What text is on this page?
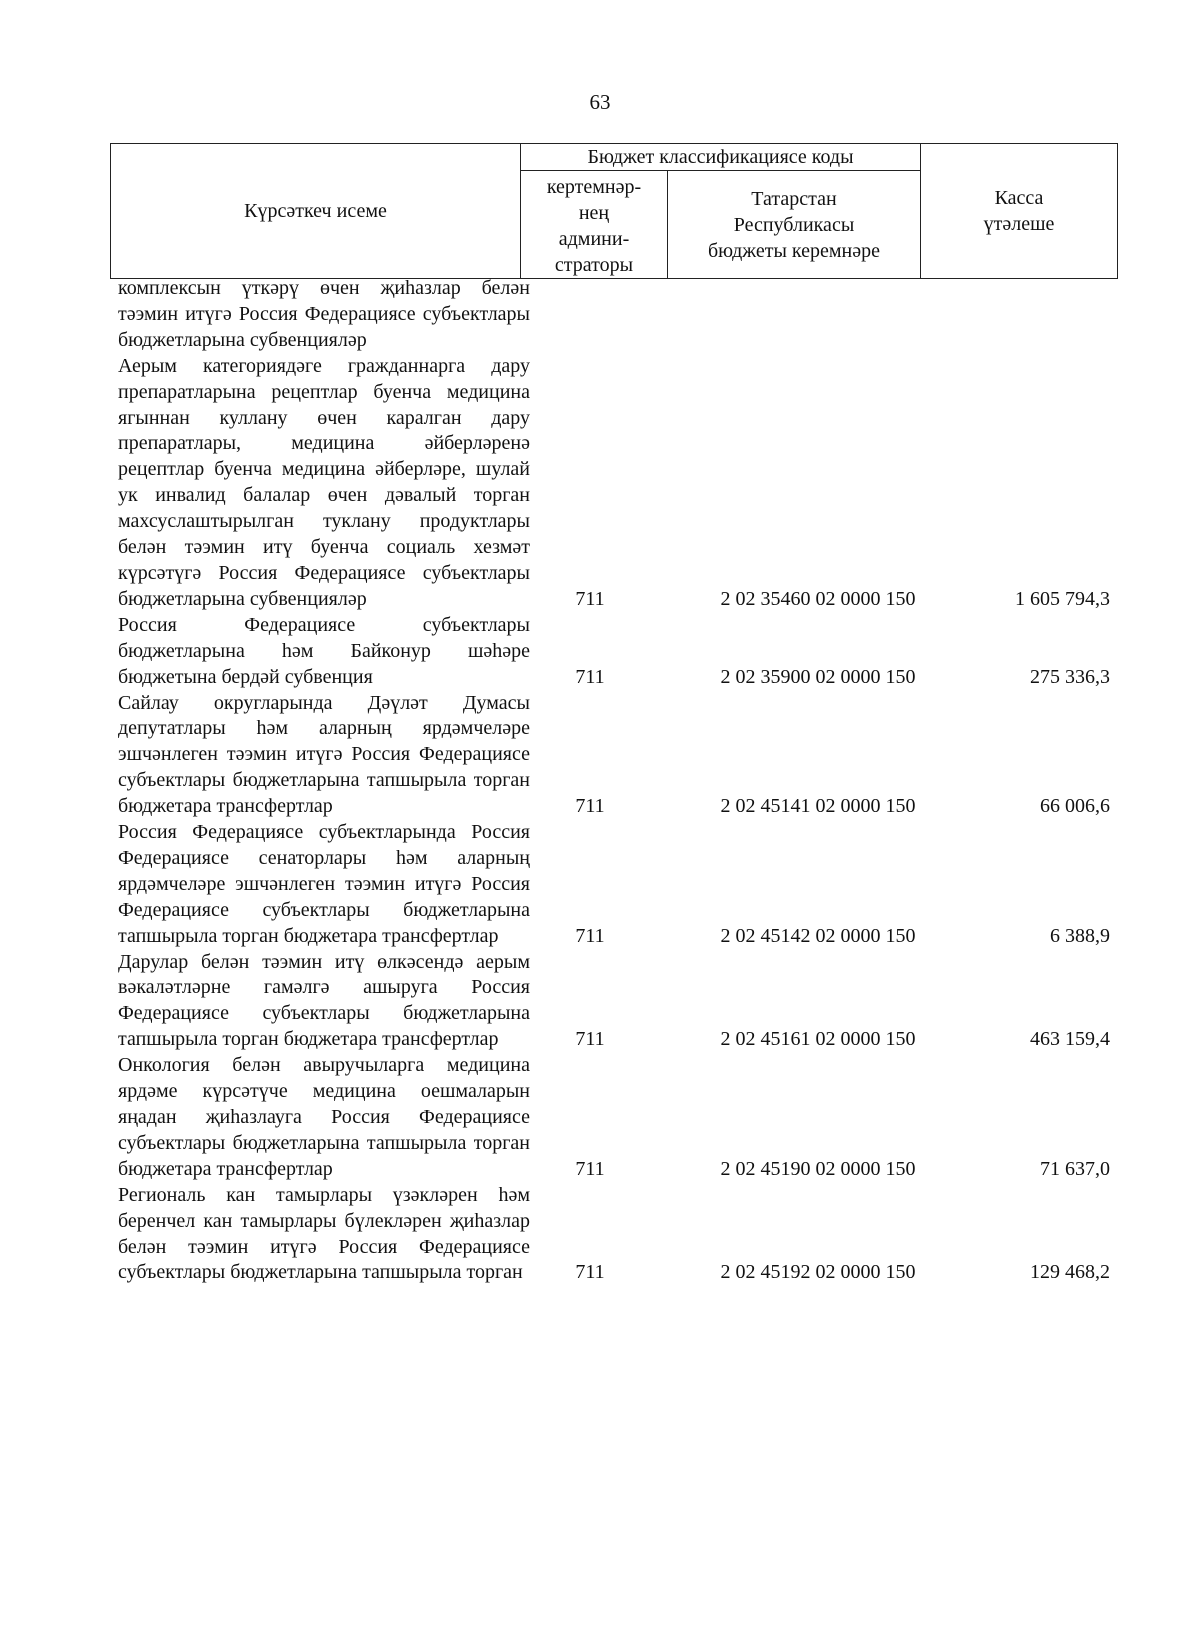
63
Күрсәткеч исеме	Бюджет классификациясе коды		Касса
үтәлеше
	кертемнәр-
нең
админи-
страторы	Татарстан
Республикасы
бюджеты керемнәре	

комплексын үткәрү өчен җиһазлар белән тәэмин итүгә Россия Федерациясе субъектлары бюджетларына субвенцияләр

Аерым категориядәге гражданнарга дару препаратларына рецептлар буенча медицина ягыннан куллану өчен каралган дару препаратлары, медицина әйберләренә рецептлар буенча медицина әйберләре, шулай ук инвалид балалар өчен дәвалый торган махсуслаштырылган туклану продуктлары белән тәэмин итү буенча социаль хезмәт күрсәтүгә Россия Федерациясе субъектлары бюджетларына субвенцияләр	711	2 02 35460 02 0000 150	1 605 794,3

Россия Федерациясе субъектлары бюджетларына һәм Байконур шәһәре бюджетына бердәй субвенция	711	2 02 35900 02 0000 150	275 336,3

Сайлау округларында Дәүләт Думасы депутатлары һәм аларның ярдәмчеләре эшчәнлеген тәэмин итүгә Россия Федерациясе субъектлары бюджетларына тапшырыла торган бюджетара трансфертлар	711	2 02 45141 02 0000 150	66 006,6

Россия Федерациясе субъектларында Россия Федерациясе сенаторлары һәм аларның ярдәмчеләре эшчәнлеген тәэмин итүгә Россия Федерациясе субъектлары бюджетларына тапшырыла торган бюджетара трансфертлар	711	2 02 45142 02 0000 150	6 388,9

Дарулар белән тәэмин итү өлкәсендә аерым вәкаләтләрне гамәлгә ашыруга Россия Федерациясе субъектлары бюджетларына тапшырыла торган бюджетара трансфертлар	711	2 02 45161 02 0000 150	463 159,4

Онкология белән авыручыларга медицина ярдәме күрсәтүче медицина оешмаларын яңадан җиһазлауга Россия Федерациясе субъектлары бюджетларына тапшырыла торган бюджетара трансфертлар	711	2 02 45190 02 0000 150	71 637,0

Региональ кан тамырлары үзәкләрен һәм беренчел кан тамырлары бүлекләрен җиһазлар белән тәэмин итүгә Россия Федерациясе субъектлары бюджетларына тапшырыла торган	711	2 02 45192 02 0000 150	129 468,2
